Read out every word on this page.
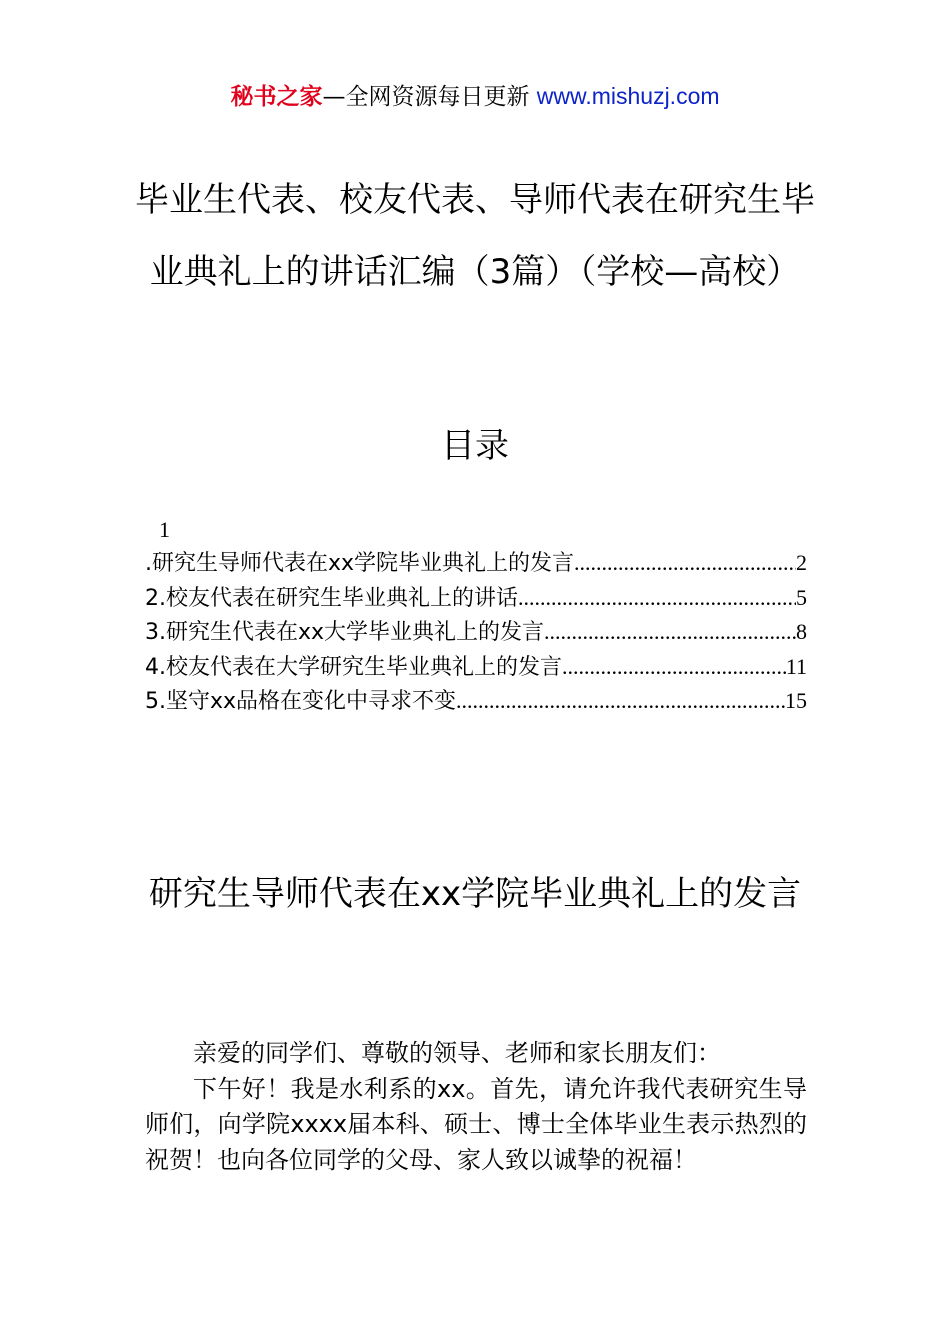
秘书之家—全网资源每日更新 www.mishuzj.com
毕业生代表、校友代表、导师代表在研究生毕业典礼上的讲话汇编（3篇）（学校—高校）
目录
1
.研究生导师代表在xx学院毕业典礼上的发言 .....	2
2.校友代表在研究生毕业典礼上的讲话 .....	5
3.研究生代表在xx大学毕业典礼上的发言 .....	8
4.校友代表在大学研究生毕业典礼上的发言 .....	11
5.坚守xx品格在变化中寻求不变 .....	15
研究生导师代表在xx学院毕业典礼上的发言

亲爱的同学们、尊敬的领导、老师和家长朋友们：

下午好！我是水利系的xx。首先，请允许我代表研究生导师们，向学院xxxx届本科、硕士、博士全体毕业生表示热烈的祝贺！也向各位同学的父母、家人致以诚挚的祝福！
